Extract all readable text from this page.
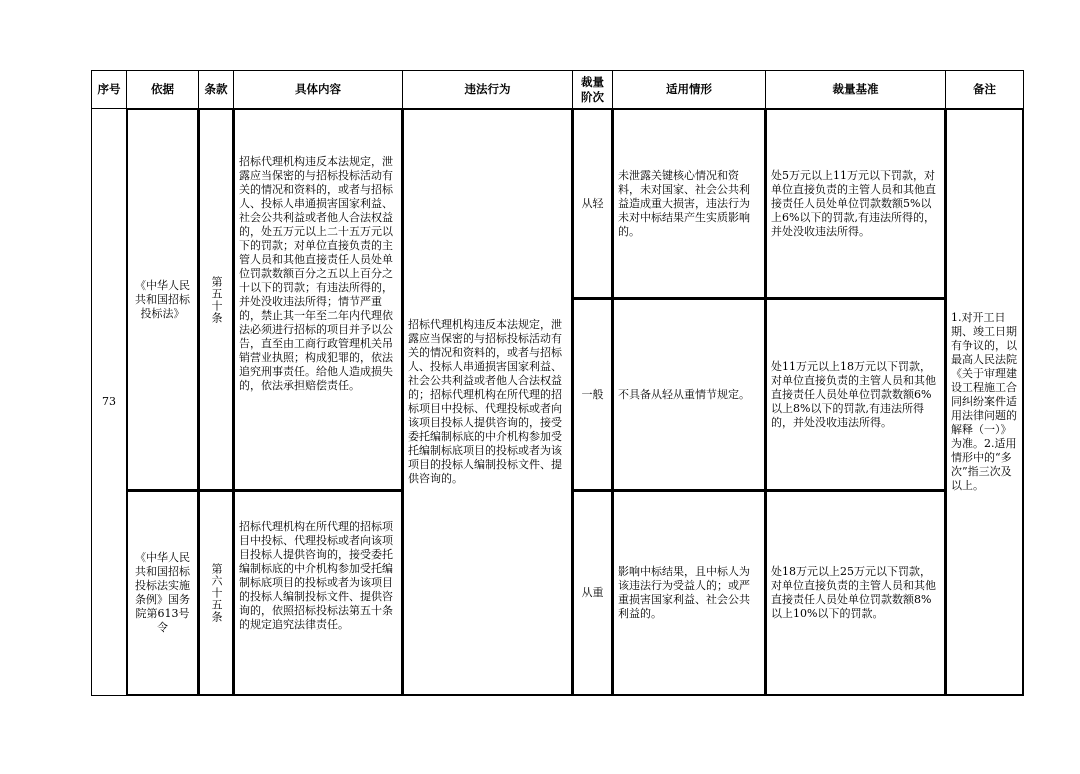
序号	依据	条款	具体内容	违法行为	裁量阶次	适用情形	裁量基准	备注
73	《中华人民共和国招标投标法》	第五十条	招标代理机构违反本法规定，泄露应当保密的与招标投标活动有关的情况和资料的，或者与招标人、投标人串通损害国家利益、社会公共利益或者他人合法权益的，处五万元以上二十五万元以下的罚款；对单位直接负责的主管人员和其他直接责任人员处单位罚款数额百分之五以上百分之十以下的罚款；有违法所得的，并处没收违法所得；情节严重的，禁止其一年至二年内代理依法必须进行招标的项目并予以公告，直至由工商行政管理机关吊销营业执照；构成犯罪的，依法追究刑事责任。给他人造成损失的，依法承担赔偿责任。	招标代理机构违反本法规定，泄露应当保密的与招标投标活动有关的情况和资料的，或者与招标人、投标人串通损害国家利益、社会公共利益或者他人合法权益的；招标代理机构在所代理的招标项目中投标、代理投标或者向该项目投标人提供咨询的，接受委托编制标底的中介机构参加受托编制标底项目的投标或者为该项目的投标人编制投标文件、提供咨询的。	从轻	未泄露关键核心情况和资料，未对国家、社会公共利益造成重大损害，违法行为未对中标结果产生实质影响的。	处5万元以上11万元以下罚款，对单位直接负责的主管人员和其他直接责任人员处单位罚款数额5%以上6%以下的罚款,有违法所得的，并处没收违法所得。	1.对开工日期、竣工日期有争议的，以最高人民法院《关于审理建设工程施工合同纠纷案件适用法律问题的解释（一）》为准。2.适用情形中的“多次”指三次及以上。

一般	不具备从轻从重情节规定。	处11万元以上18万元以下罚款，对单位直接负责的主管人员和其他直接责任人员处单位罚款数额6%以上8%以下的罚款,有违法所得的，并处没收违法所得。	

《中华人民共和国招标投标法实施条例》国务院第613号令	第六十五条	招标代理机构在所代理的招标项目中投标、代理投标或者向该项目投标人提供咨询的，接受委托编制标底的中介机构参加受托编制标底项目的投标或者为该项目的投标人编制投标文件、提供咨询的，依照招标投标法第五十条的规定追究法律责任。		从重	影响中标结果，且中标人为该违法行为受益人的；或严重损害国家利益、社会公共利益的。	处18万元以上25万元以下罚款，对单位直接负责的主管人员和其他直接责任人员处单位罚款数额8%以上10%以下的罚款。	
